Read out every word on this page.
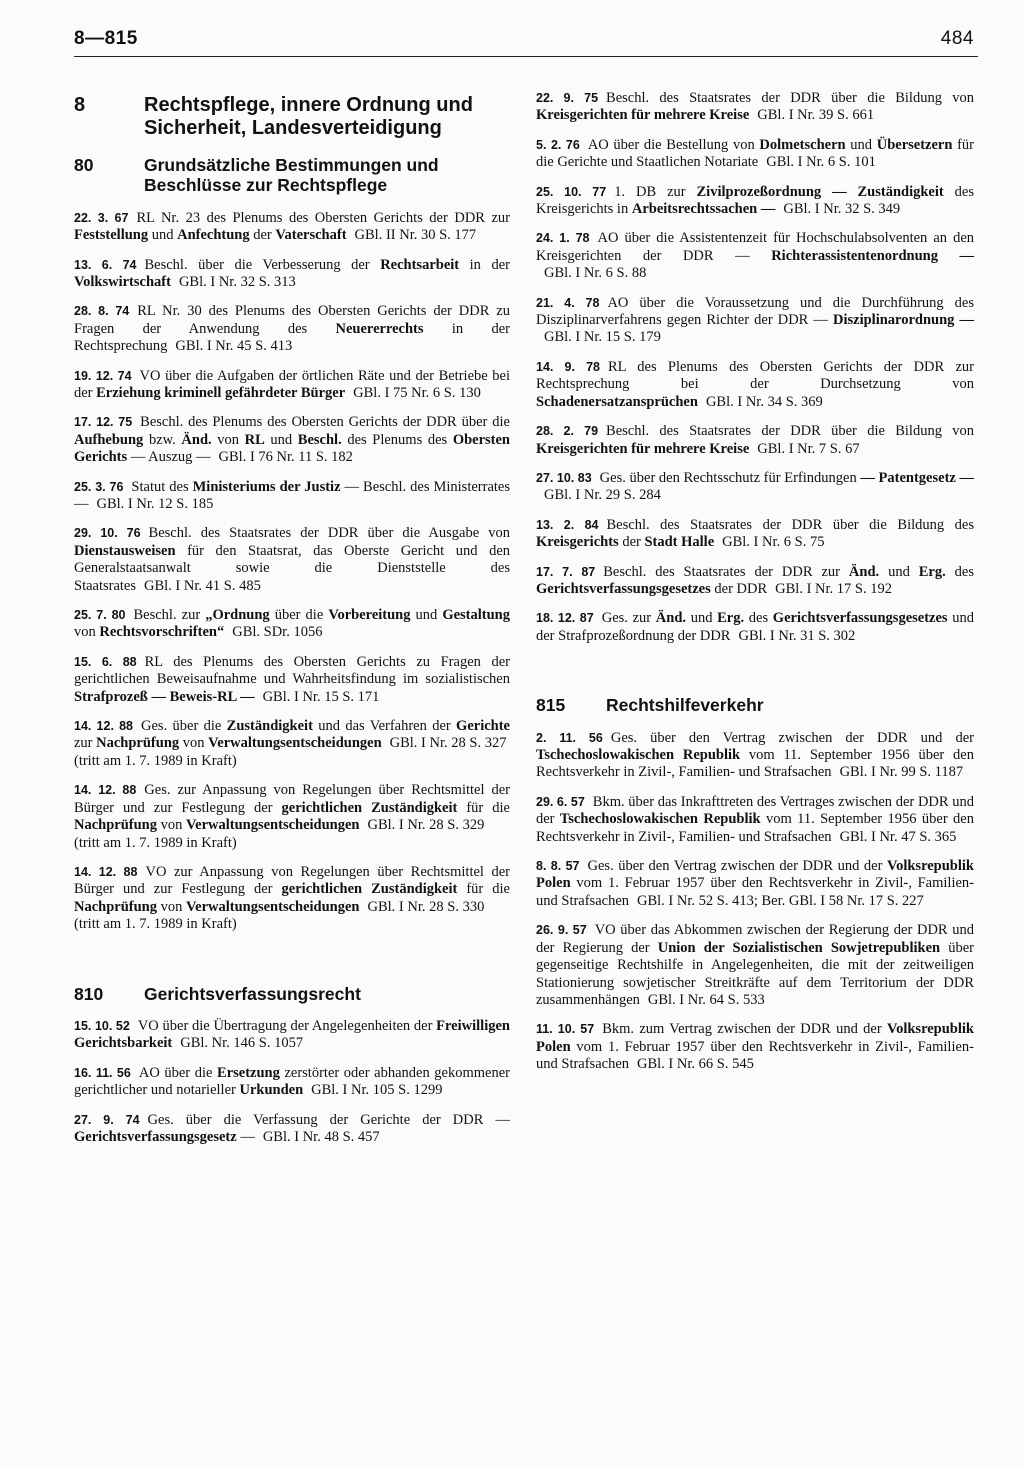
8—815	484
8	Rechtspflege, innere Ordnung und Sicherheit, Landesverteidigung
80	Grundsätzliche Bestimmungen und Beschlüsse zur Rechtspflege
22. 3. 67 RL Nr. 23 des Plenums des Obersten Gerichts der DDR zur Feststellung und Anfechtung der Vaterschaft GBl. II Nr. 30 S. 177
13. 6. 74 Beschl. über die Verbesserung der Rechtsarbeit in der Volkswirtschaft GBl. I Nr. 32 S. 313
28. 8. 74 RL Nr. 30 des Plenums des Obersten Gerichts der DDR zu Fragen der Anwendung des Neuererrechts in der Rechtsprechung GBl. I Nr. 45 S. 413
19. 12. 74 VO über die Aufgaben der örtlichen Räte und der Betriebe bei der Erziehung kriminell gefährdeter Bürger GBl. I 75 Nr. 6 S. 130
17. 12. 75 Beschl. des Plenums des Obersten Gerichts der DDR über die Aufhebung bzw. Änd. von RL und Beschl. des Plenums des Obersten Gerichts — Auszug — GBl. I 76 Nr. 11 S. 182
25. 3. 76 Statut des Ministeriums der Justiz — Beschl. des Ministerrates — GBl. I Nr. 12 S. 185
29. 10. 76 Beschl. des Staatsrates der DDR über die Ausgabe von Dienstausweisen für den Staatsrat, das Oberste Gericht und den Generalstaatsanwalt sowie die Dienststelle des Staatsrates GBl. I Nr. 41 S. 485
25. 7. 80 Beschl. zur „Ordnung über die Vorbereitung und Gestaltung von Rechtsvorschriften“ GBl. SDr. 1056
15. 6. 88 RL des Plenums des Obersten Gerichts zu Fragen der gerichtlichen Beweisaufnahme und Wahrheitsfindung im sozialistischen Strafprozeß — Beweis-RL — GBl. I Nr. 15 S. 171
14. 12. 88 Ges. über die Zuständigkeit und das Verfahren der Gerichte zur Nachprüfung von Verwaltungsentscheidungen GBl. I Nr. 28 S. 327
(tritt am 1. 7. 1989 in Kraft)
14. 12. 88 Ges. zur Anpassung von Regelungen über Rechtsmittel der Bürger und zur Festlegung der gerichtlichen Zuständigkeit für die Nachprüfung von Verwaltungsentscheidungen GBl. I Nr. 28 S. 329
(tritt am 1. 7. 1989 in Kraft)
14. 12. 88 VO zur Anpassung von Regelungen über Rechtsmittel der Bürger und zur Festlegung der gerichtlichen Zuständigkeit für die Nachprüfung von Verwaltungsentscheidungen GBl. I Nr. 28 S. 330
(tritt am 1. 7. 1989 in Kraft)
810	Gerichtsverfassungsrecht
15. 10. 52 VO über die Übertragung der Angelegenheiten der Freiwilligen Gerichtsbarkeit GBl. Nr. 146 S. 1057
16. 11. 56 AO über die Ersetzung zerstörter oder abhanden gekommener gerichtlicher und notarieller Urkunden GBl. I Nr. 105 S. 1299
27. 9. 74 Ges. über die Verfassung der Gerichte der DDR — Gerichtsverfassungsgesetz — GBl. I Nr. 48 S. 457
22. 9. 75 Beschl. des Staatsrates der DDR über die Bildung von Kreisgerichten für mehrere Kreise GBl. I Nr. 39 S. 661
5. 2. 76 AO über die Bestellung von Dolmetschern und Übersetzern für die Gerichte und Staatlichen Notariate GBl. I Nr. 6 S. 101
25. 10. 77 1. DB zur Zivilprozeßordnung — Zuständigkeit des Kreisgerichts in Arbeitsrechtssachen — GBl. I Nr. 32 S. 349
24. 1. 78 AO über die Assistentenzeit für Hochschulabsolventen an den Kreisgerichten der DDR — Richterassistentenordnung —GBl. I Nr. 6 S. 88
21. 4. 78 AO über die Voraussetzung und die Durchführung des Disziplinarverfahrens gegen Richter der DDR — Disziplinarordnung —GBl. I Nr. 15 S. 179
14. 9. 78 RL des Plenums des Obersten Gerichts der DDR zur Rechtsprechung bei der Durchsetzung von Schadenersatzansprüchen GBl. I Nr. 34 S. 369
28. 2. 79 Beschl. des Staatsrates der DDR über die Bildung von Kreisgerichten für mehrere Kreise GBl. I Nr. 7 S. 67
27. 10. 83 Ges. über den Rechtsschutz für Erfindungen — Patentgesetz —GBl. I Nr. 29 S. 284
13. 2. 84 Beschl. des Staatsrates der DDR über die Bildung des Kreisgerichts der Stadt Halle GBl. I Nr. 6 S. 75
17. 7. 87 Beschl. des Staatsrates der DDR zur Änd. und Erg. des Gerichtsverfassungsgesetzes der DDR GBl. I Nr. 17 S. 192
18. 12. 87 Ges. zur Änd. und Erg. des Gerichtsverfassungsgesetzes und der Strafprozeßordnung der DDR GBl. I Nr. 31 S. 302
815	Rechtshilfeverkehr
2. 11. 56 Ges. über den Vertrag zwischen der DDR und der Tschechoslowakischen Republik vom 11. September 1956 über den Rechtsverkehr in Zivil-, Familien- und Strafsachen GBl. I Nr. 99 S. 1187
29. 6. 57 Bkm. über das Inkrafttreten des Vertrages zwischen der DDR und der Tschechoslowakischen Republik vom 11. September 1956 über den Rechtsverkehr in Zivil-, Familien- und Strafsachen GBl. I Nr. 47 S. 365
8. 8. 57 Ges. über den Vertrag zwischen der DDR und der Volksrepublik Polen vom 1. Februar 1957 über den Rechtsverkehr in Zivil-, Familien- und Strafsachen GBl. I Nr. 52 S. 413; Ber. GBl. I 58 Nr. 17 S. 227
26. 9. 57 VO über das Abkommen zwischen der Regierung der DDR und der Regierung der Union der Sozialistischen Sowjetrepubliken über gegenseitige Rechtshilfe in Angelegenheiten, die mit der zeitweiligen Stationierung sowjetischer Streitkräfte auf dem Territorium der DDR zusammenhängen GBl. I Nr. 64 S. 533
11. 10. 57 Bkm. zum Vertrag zwischen der DDR und der Volksrepublik Polen vom 1. Februar 1957 über den Rechtsverkehr in Zivil-, Familien- und Strafsachen GBl. I Nr. 66 S. 545
